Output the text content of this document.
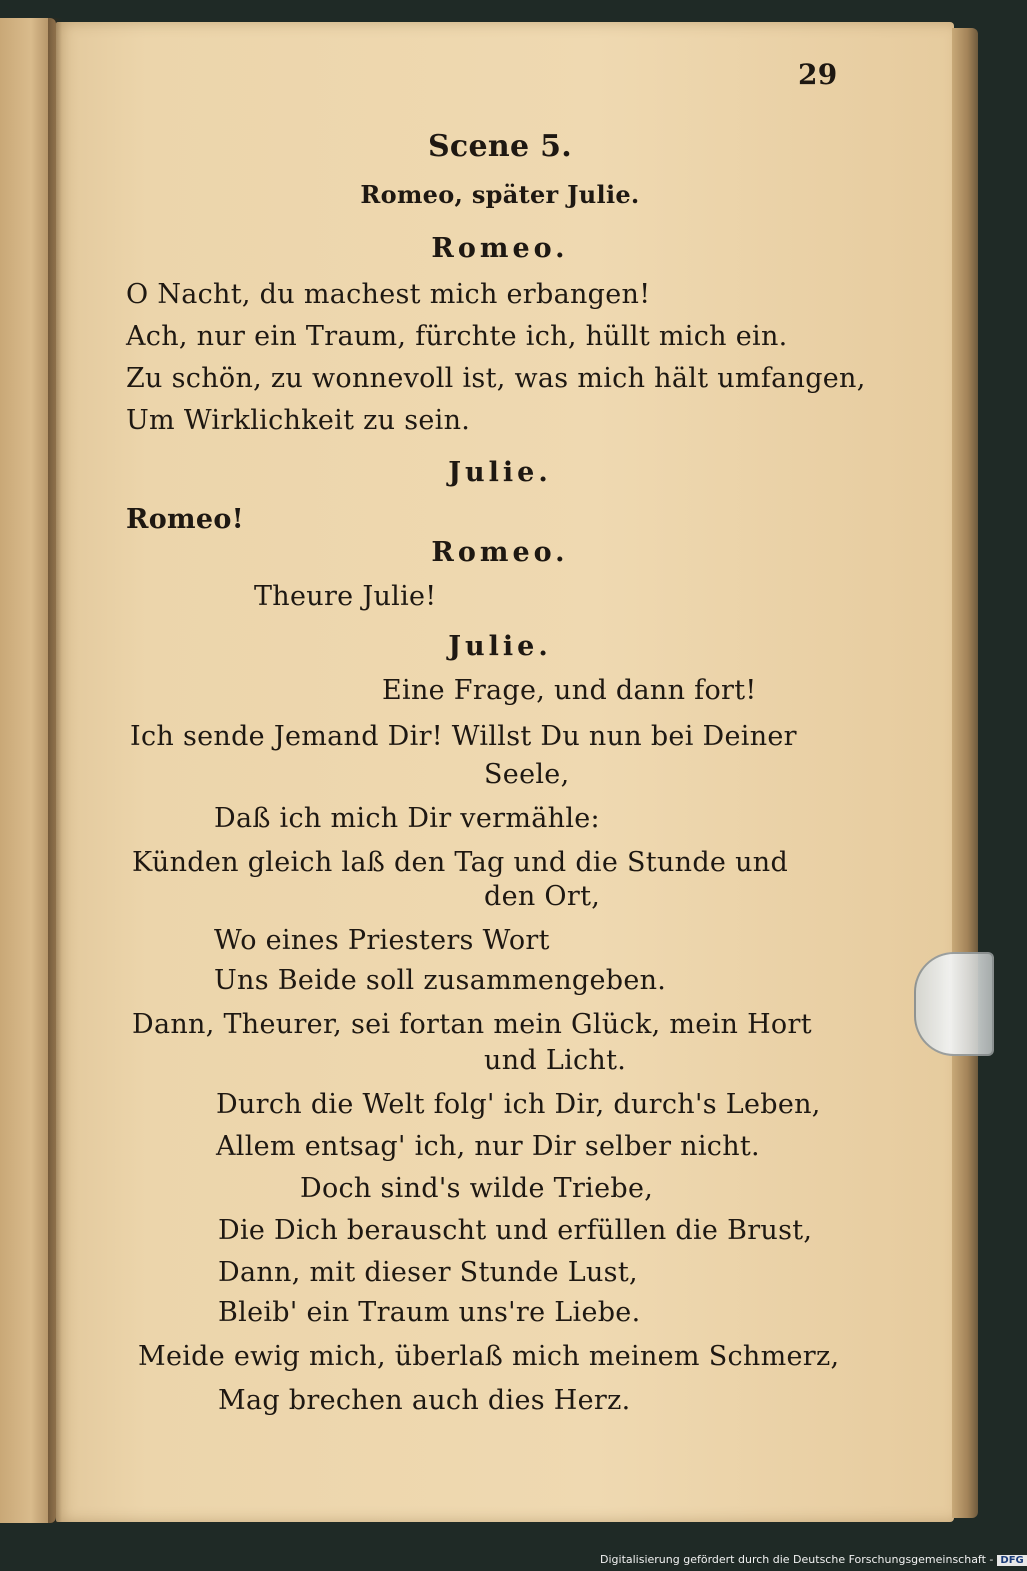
29
Scene 5.
Romeo, später Julie.
Romeo.
O Nacht, du machest mich erbangen!
Ach, nur ein Traum, fürchte ich, hüllt mich ein.
Zu schön, zu wonnevoll ist, was mich hält umfangen,
Um Wirklichkeit zu sein.
Julie.
Romeo!
Romeo.
Theure Julie!
Julie.
Eine Frage, und dann fort!
Ich sende Jemand Dir! Willst Du nun bei Deiner
Seele,
Daß ich mich Dir vermähle:
Künden gleich laß den Tag und die Stunde und
den Ort,
Wo eines Priesters Wort
Uns Beide soll zusammengeben.
Dann, Theurer, sei fortan mein Glück, mein Hort
und Licht.
Durch die Welt folg' ich Dir, durch's Leben,
Allem entsag' ich, nur Dir selber nicht.
Doch sind's wilde Triebe,
Die Dich berauscht und erfüllen die Brust,
Dann, mit dieser Stunde Lust,
Bleib' ein Traum uns're Liebe.
Meide ewig mich, überlaß mich meinem Schmerz,
Mag brechen auch dies Herz.
Digitalisierung gefördert durch die Deutsche Forschungsgemeinschaft - DFG
